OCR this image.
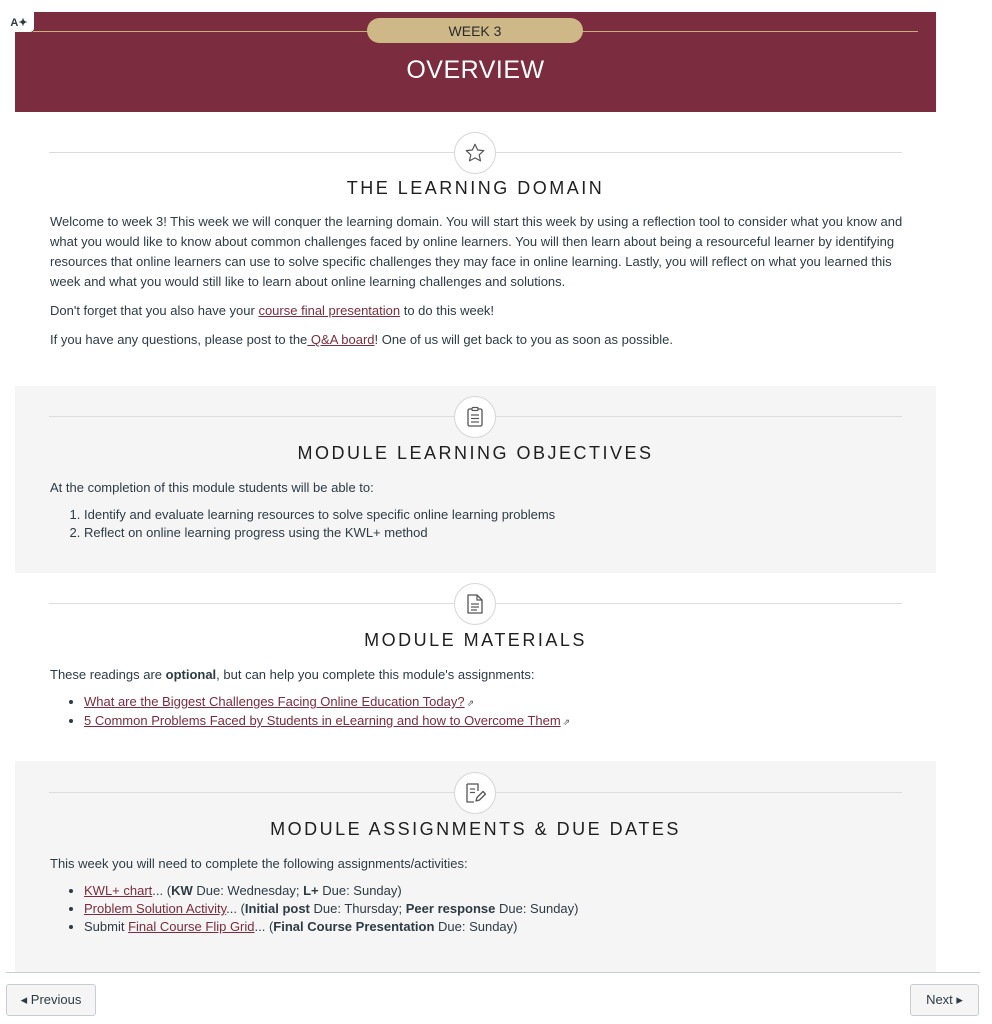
A✦	WEEK 3
OVERVIEW
THE LEARNING DOMAIN

Welcome to week 3! This week we will conquer the learning domain. You will start this week by using a reflection tool to consider what you know and what you would like to know about common challenges faced by online learners. You will then learn about being a resourceful learner by identifying resources that online learners can use to solve specific challenges they may face in online learning. Lastly, you will reflect on what you learned this week and what you would still like to learn about online learning challenges and solutions.

Don't forget that you also have your course final presentation to do this week!

If you have any questions, please post to the Q&A board! One of us will get back to you as soon as possible.

MODULE LEARNING OBJECTIVES

At the completion of this module students will be able to:

1. Identify and evaluate learning resources to solve specific online learning problems
2. Reflect on online learning progress using the KWL+ method
MODULE MATERIALS

These readings are optional, but can help you complete this module's assignments:

• What are the Biggest Challenges Facing Online Education Today? ⇗
• 5 Common Problems Faced by Students in eLearning and how to Overcome Them ⇗
MODULE ASSIGNMENTS & DUE DATES

This week you will need to complete the following assignments/activities:

• KWL+ chart... (KW Due: Wednesday; L+ Due: Sunday)
• Problem Solution Activity... (Initial post Due: Thursday; Peer response Due: Sunday)
• Submit Final Course Flip Grid... (Final Course Presentation Due: Sunday)
◂ Previous	Next ▸
